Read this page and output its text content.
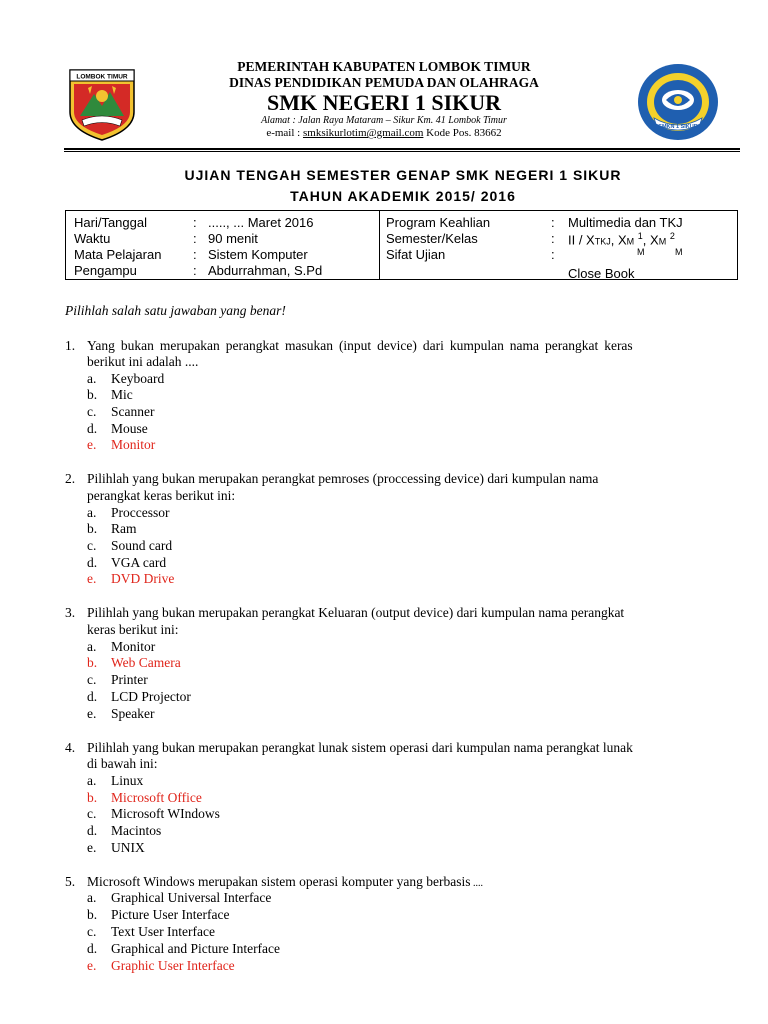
LOMBOK TIMUR
SMKN 1 SIKUR
PEMERINTAH KABUPATEN LOMBOK TIMUR
DINAS PENDIDIKAN PEMUDA DAN OLAHRAGA
SMK NEGERI 1 SIKUR
Alamat : Jalan Raya Mataram – Sikur Km. 41 Lombok Timur
e-mail : smksikurlotim@gmail.com Kode Pos. 83662
UJIAN TENGAH SEMESTER GENAP SMK NEGERI 1 SIKUR
TAHUN AKADEMIK 2015/ 2016
Hari/Tanggal	: ....., ... Maret 2016
Waktu	: 90 menit
Mata Pelajaran : Sistem Komputer
Pengampu	: Abdurrahman, S.Pd
Program Keahlian	: Multimedia dan TKJ
Semester/Kelas	: II / XTKJ, XM $^1$, XM $^2$
M	M
Sifat Ujian	:
Close Book
Pilihlah salah satu jawaban yang benar!
1. Yang bukan merupakan perangkat masukan (input device) dari kumpulan nama perangkat keras
berikut ini adalah ....
a. Keyboard
b. Mic
c. Scanner
d. Mouse
e. Monitor
2. Pilihlah yang bukan merupakan perangkat pemroses (proccessing device) dari kumpulan nama
perangkat keras berikut ini:
a. Proccessor
b. Ram
c. Sound card
d. VGA card
e. DVD Drive
3. Pilihlah yang bukan merupakan perangkat Keluaran (output device) dari kumpulan nama perangkat
keras berikut ini:
a. Monitor
b. Web Camera
c. Printer
d. LCD Projector
e. Speaker
4. Pilihlah yang bukan merupakan perangkat lunak sistem operasi dari kumpulan nama perangkat lunak
di bawah ini:
a. Linux
b. Microsoft Office
c. Microsoft WIndows
d. Macintos
e. UNIX
5. Microsoft Windows merupakan sistem operasi komputer yang berbasis ....
a. Graphical Universal Interface
b. Picture User Interface
c. Text User Interface
d. Graphical and Picture Interface
e. Graphic User Interface
